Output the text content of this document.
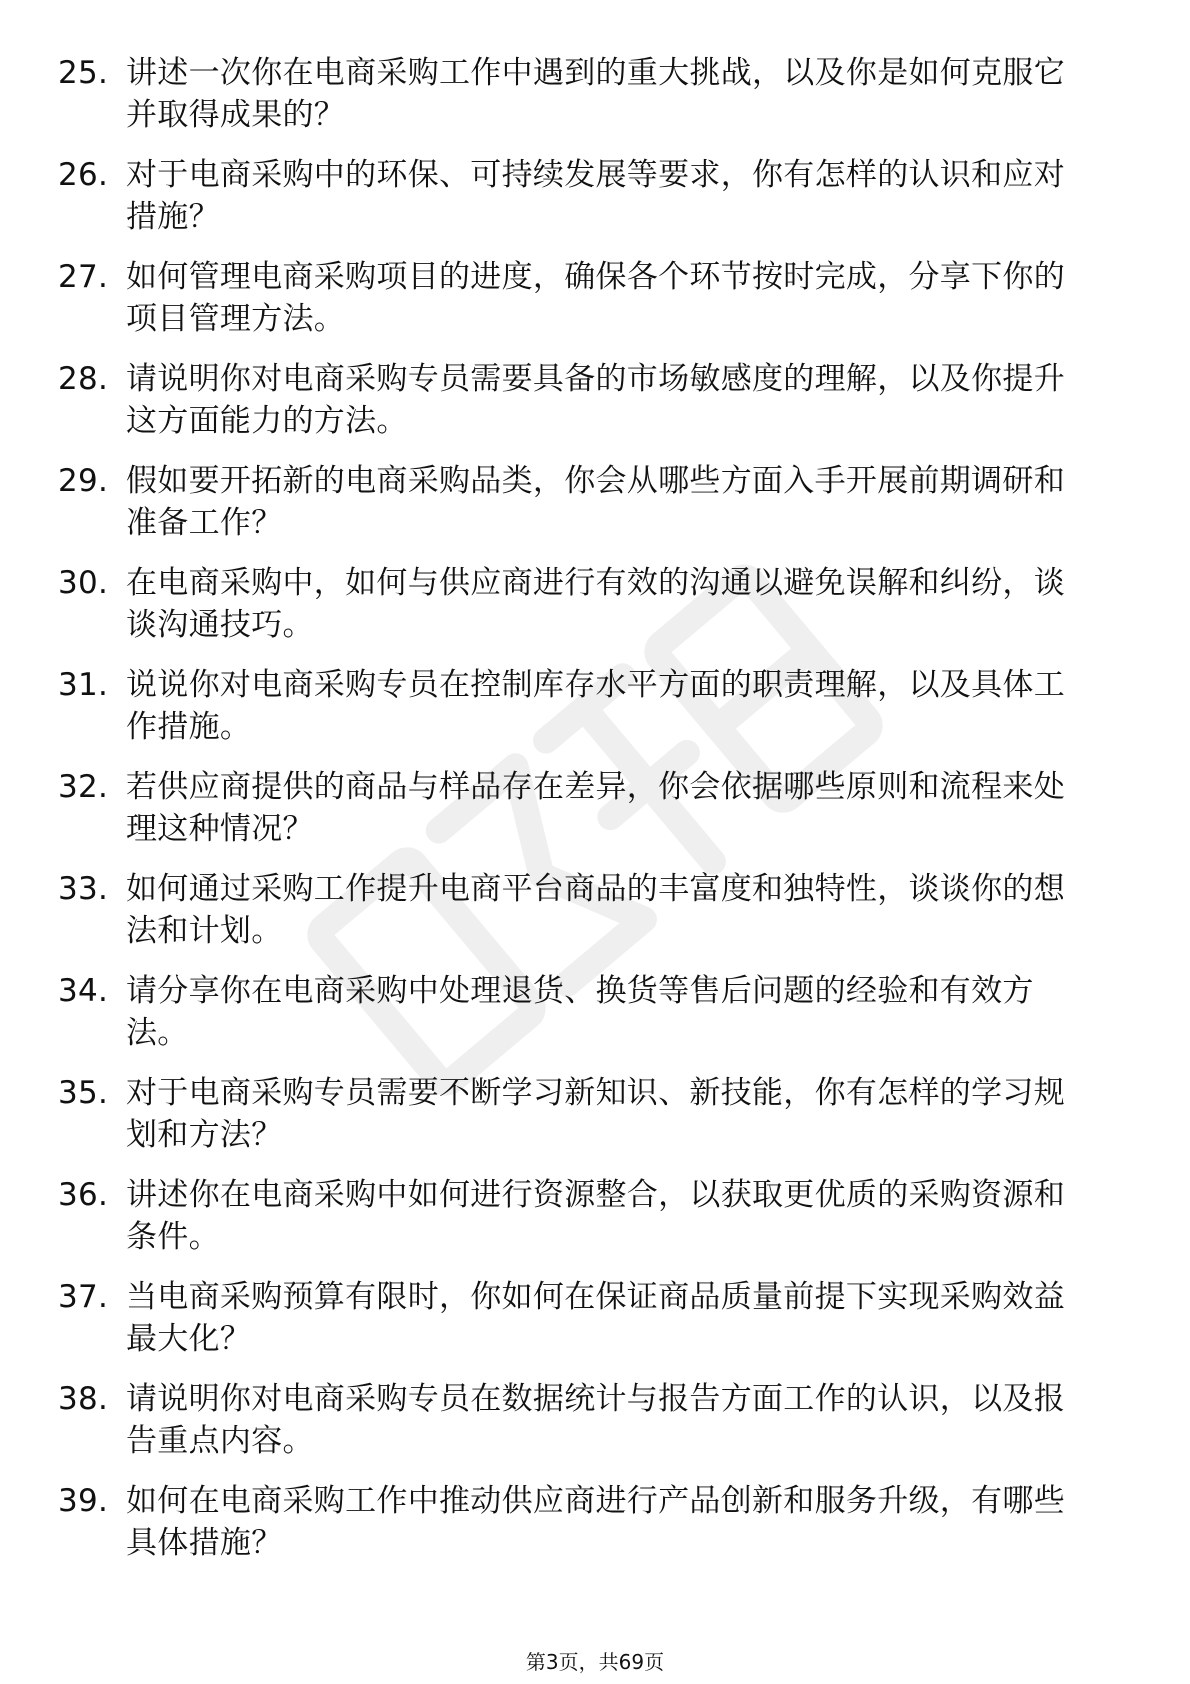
25. 讲述一次你在电商采购工作中遇到的重大挑战，以及你是如何克服它并取得成果的？
26. 对于电商采购中的环保、可持续发展等要求，你有怎样的认识和应对措施？
27. 如何管理电商采购项目的进度，确保各个环节按时完成，分享下你的项目管理方法。
28. 请说明你对电商采购专员需要具备的市场敏感度的理解，以及你提升这方面能力的方法。
29. 假如要开拓新的电商采购品类，你会从哪些方面入手开展前期调研和准备工作？
30. 在电商采购中，如何与供应商进行有效的沟通以避免误解和纠纷，谈谈沟通技巧。
31. 说说你对电商采购专员在控制库存水平方面的职责理解，以及具体工作措施。
32. 若供应商提供的商品与样品存在差异，你会依据哪些原则和流程来处理这种情况？
33. 如何通过采购工作提升电商平台商品的丰富度和独特性，谈谈你的想法和计划。
34. 请分享你在电商采购中处理退货、换货等售后问题的经验和有效方法。
35. 对于电商采购专员需要不断学习新知识、新技能，你有怎样的学习规划和方法？
36. 讲述你在电商采购中如何进行资源整合，以获取更优质的采购资源和条件。
37. 当电商采购预算有限时，你如何在保证商品质量前提下实现采购效益最大化？
38. 请说明你对电商采购专员在数据统计与报告方面工作的认识，以及报告重点内容。
39. 如何在电商采购工作中推动供应商进行产品创新和服务升级，有哪些具体措施？
第3页，共69页
